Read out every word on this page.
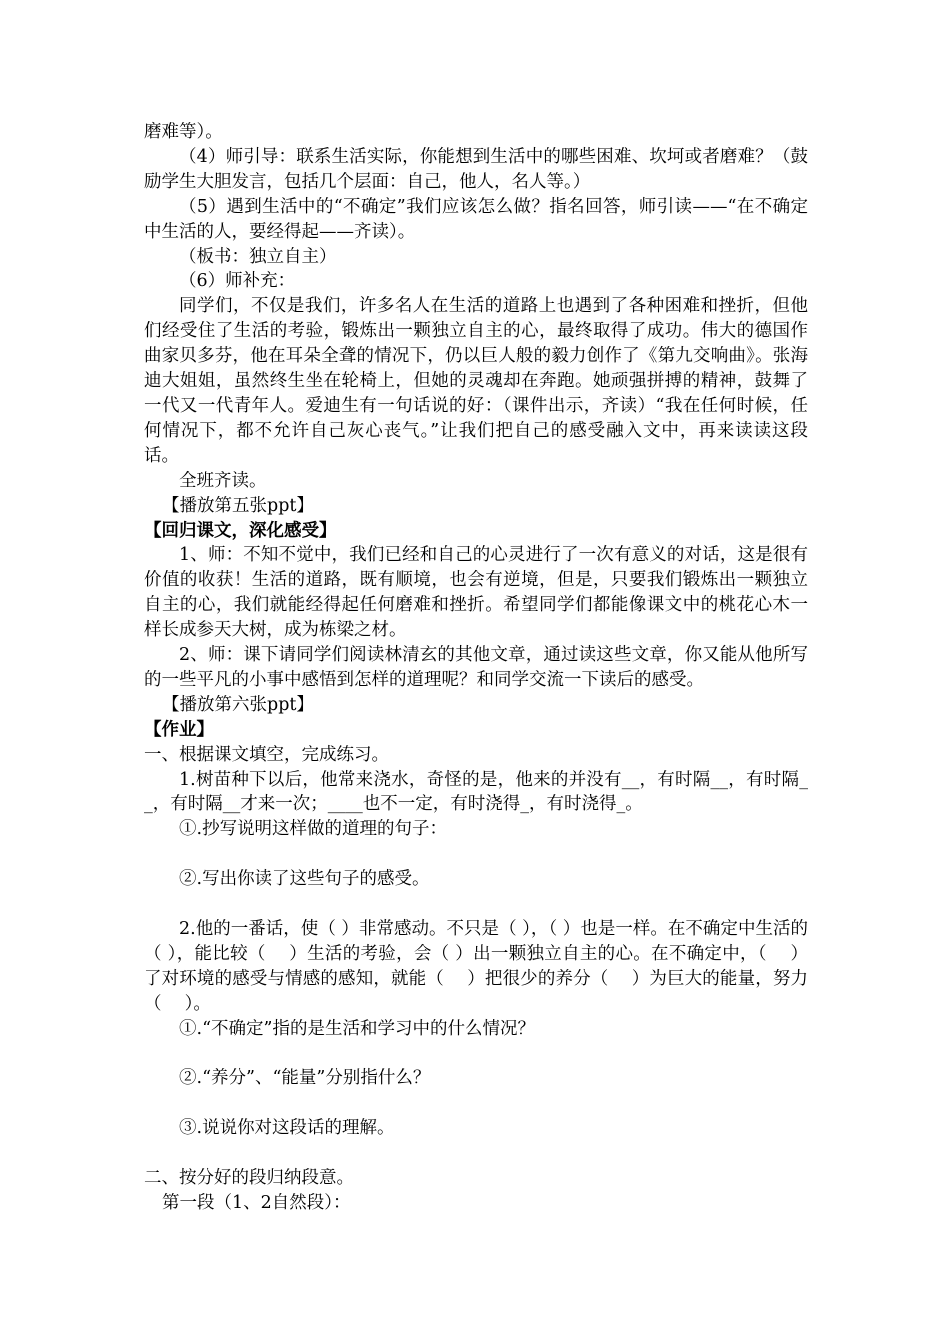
磨难等）。

（4）师引导：联系生活实际，你能想到生活中的哪些困难、坎坷或者磨难？（鼓励学生大胆发言，包括几个层面：自己，他人，名人等。）

（5）遇到生活中的“不确定”我们应该怎么做？指名回答，师引读——“在不确定中生活的人，要经得起——齐读）。

（板书：独立自主）

（6）师补充：

同学们，不仅是我们，许多名人在生活的道路上也遇到了各种困难和挫折，但他们经受住了生活的考验，锻炼出一颗独立自主的心，最终取得了成功。伟大的德国作曲家贝多芬，他在耳朵全聋的情况下，仍以巨人般的毅力创作了《第九交响曲》。张海迪大姐姐，虽然终生坐在轮椅上，但她的灵魂却在奔跑。她顽强拼搏的精神，鼓舞了一代又一代青年人。爱迪生有一句话说的好：（课件出示，齐读）“我在任何时候，任何情况下，都不允许自己灰心丧气。”让我们把自己的感受融入文中，再来读读这段话。

全班齐读。

【播放第五张ppt】

【回归课文，深化感受】

1、师：不知不觉中，我们已经和自己的心灵进行了一次有意义的对话，这是很有价值的收获！生活的道路，既有顺境，也会有逆境，但是，只要我们锻炼出一颗独立自主的心，我们就能经得起任何磨难和挫折。希望同学们都能像课文中的桃花心木一样长成参天大树，成为栋梁之材。

2、师：课下请同学们阅读林清玄的其他文章，通过读这些文章，你又能从他所写的一些平凡的小事中感悟到怎样的道理呢？和同学交流一下读后的感受。

【播放第六张ppt】

【作业】

一、根据课文填空，完成练习。

1.树苗种下以后，他常来浇水，奇怪的是，他来的并没有__，有时隔__，有时隔__，有时隔__才来一次；____也不一定，有时浇得_，有时浇得_。

①.抄写说明这样做的道理的句子：

②.写出你读了这些句子的感受。

2.他的一番话，使（ ）非常感动。不只是（ ），（ ）也是一样。在不确定中生活的（ ），能比较（　 ）生活的考验，会（ ）出一颗独立自主的心。在不确定中，（　 ）了对环境的感受与情感的感知，就能（　 ）把很少的养分（　 ）为巨大的能量，努力（　 ）。

①.“不确定”指的是生活和学习中的什么情况？

②.“养分”、“能量”分别指什么？

③.说说你对这段话的理解。

二、按分好的段归纳段意。

第一段（1、2自然段）：
